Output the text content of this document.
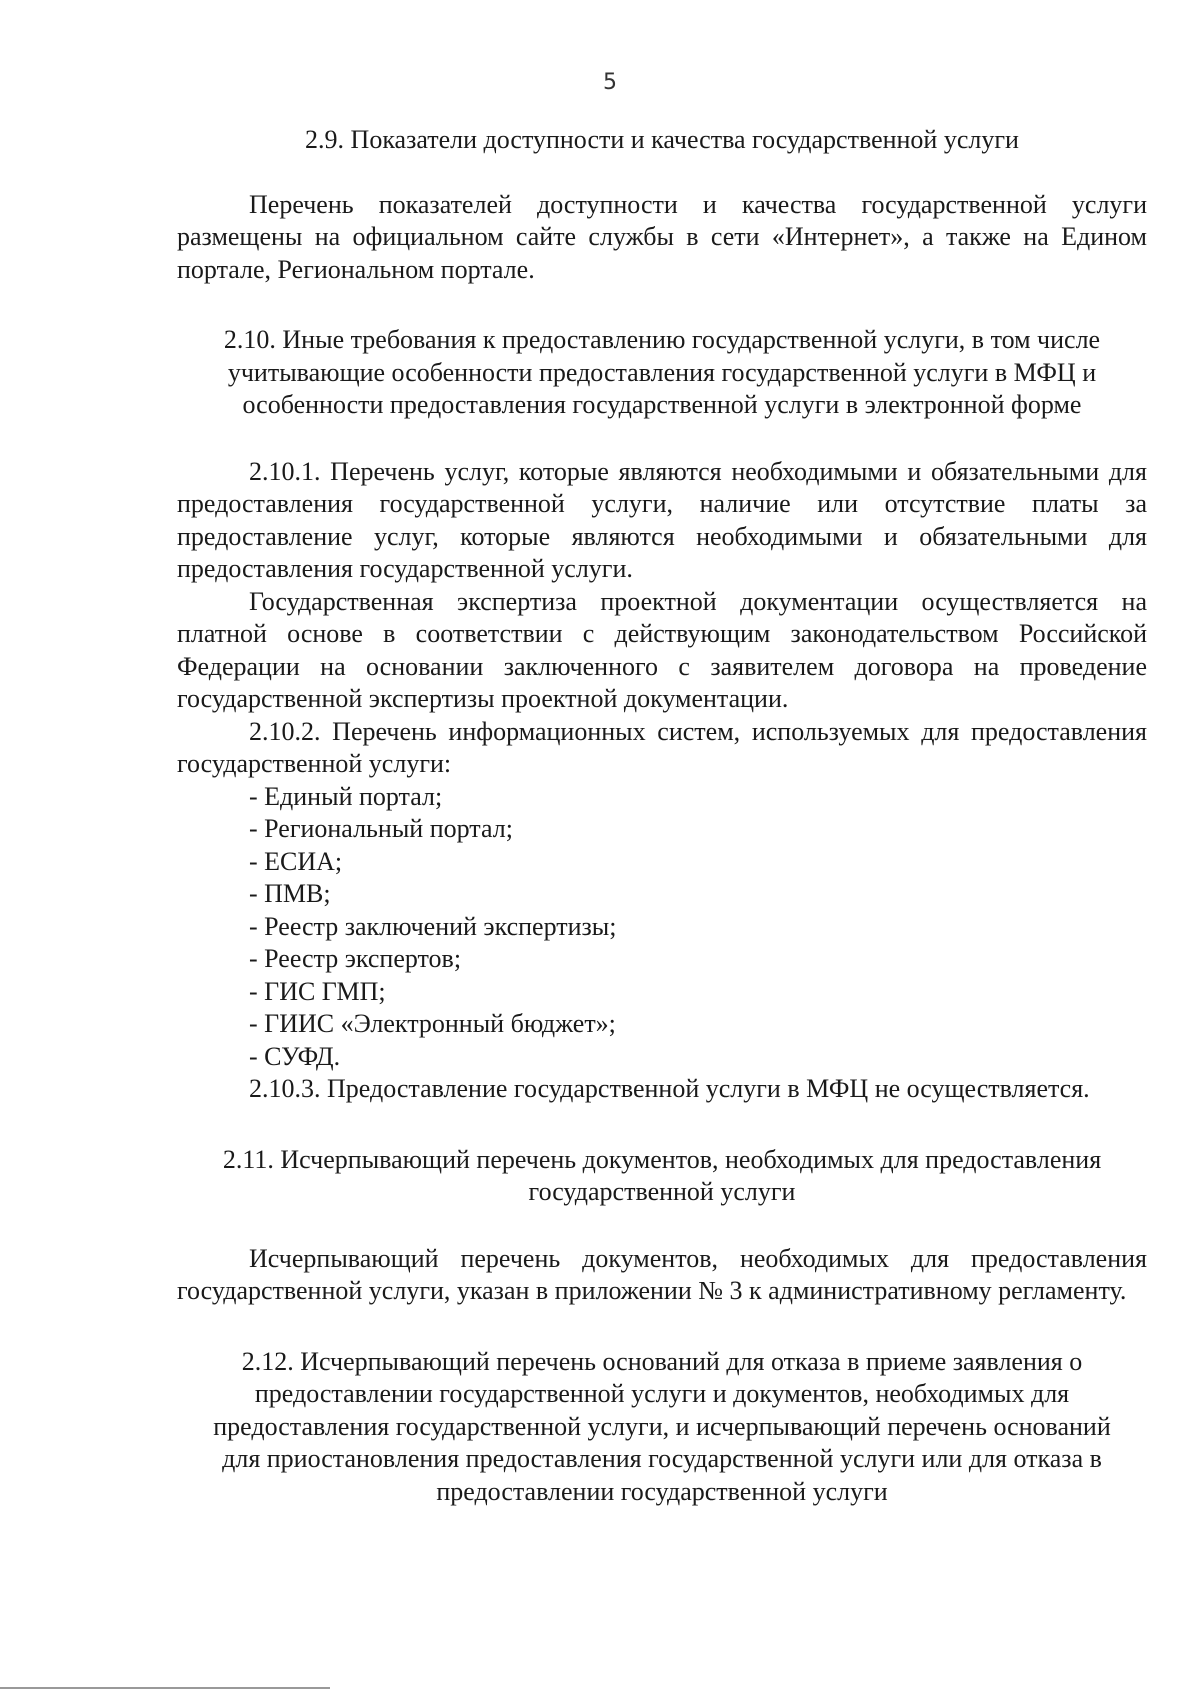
5

2.9. Показатели доступности и качества государственной услуги

Перечень показателей доступности и качества государственной услуги размещены на официальном сайте службы в сети «Интернет», а также на Едином портале, Региональном портале.

2.10. Иные требования к предоставлению государственной услуги, в том числе учитывающие особенности предоставления государственной услуги в МФЦ и особенности предоставления государственной услуги в электронной форме

2.10.1. Перечень услуг, которые являются необходимыми и обязательными для предоставления государственной услуги, наличие или отсутствие платы за предоставление услуг, которые являются необходимыми и обязательными для предоставления государственной услуги.

Государственная экспертиза проектной документации осуществляется на платной основе в соответствии с действующим законодательством Российской Федерации на основании заключенного с заявителем договора на проведение государственной экспертизы проектной документации.

2.10.2. Перечень информационных систем, используемых для предоставления государственной услуги:

- Единый портал;

- Региональный портал;

- ЕСИА;

- ПМВ;

- Реестр заключений экспертизы;

- Реестр экспертов;

- ГИС ГМП;

- ГИИС «Электронный бюджет»;

- СУФД.

2.10.3. Предоставление государственной услуги в МФЦ не осуществляется.

2.11. Исчерпывающий перечень документов, необходимых для предоставления государственной услуги

Исчерпывающий перечень документов, необходимых для предоставления государственной услуги, указан в приложении № 3 к административному регламенту.

2.12. Исчерпывающий перечень оснований для отказа в приеме заявления о предоставлении государственной услуги и документов, необходимых для предоставления государственной услуги, и исчерпывающий перечень оснований для приостановления предоставления государственной услуги или для отказа в предоставлении государственной услуги
